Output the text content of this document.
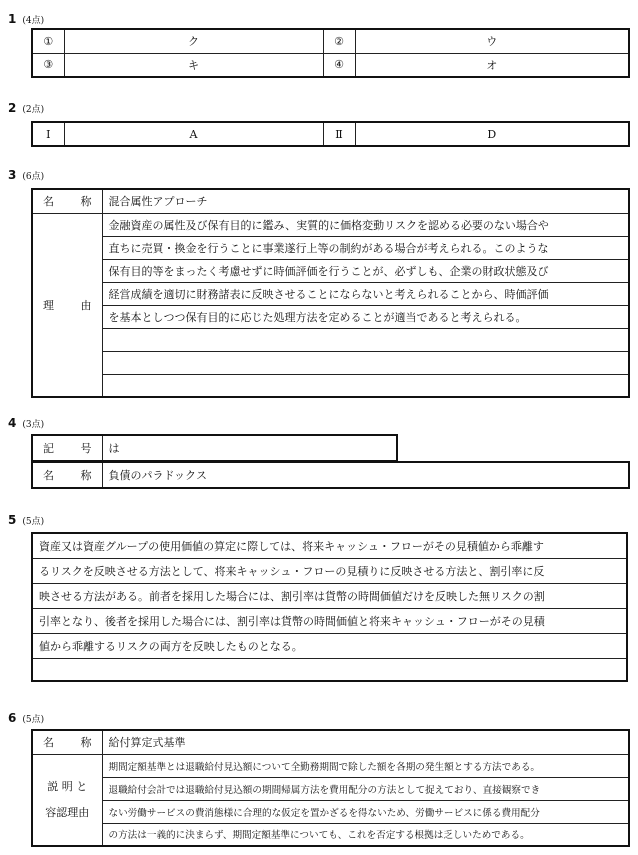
1 (4点)
①	ク	②	ウ
③	キ	④	オ
2 (2点)
Ⅰ	A	Ⅱ	D
3 (6点)
名　称	混合属性アプローチ
理　由	金融資産の属性及び保有目的に鑑み、実質的に価格変動リスクを認める必要のない場合や
	直ちに売買・換金を行うことに事業遂行上等の制約がある場合が考えられる。このような
	保有目的等をまったく考慮せずに時価評価を行うことが、必ずしも、企業の財政状態及び
	経営成績を適切に財務諸表に反映させることにならないと考えられることから、時価評価
	を基本としつつ保有目的に応じた処理方法を定めることが適当であると考えられる。

4 (3点)
記　号	は
名　称	負債のパラドックス
5 (5点)
資産又は資産グループの使用価値の算定に際しては、将来キャッシュ・フローがその見積値から乖離す
るリスクを反映させる方法として、将来キャッシュ・フローの見積りに反映させる方法と、割引率に反
映させる方法がある。前者を採用した場合には、割引率は貨幣の時間価値だけを反映した無リスクの割
引率となり、後者を採用した場合には、割引率は貨幣の時間価値と将来キャッシュ・フローがその見積
値から乖離するリスクの両方を反映したものとなる。
6 (5点)
名　称	給付算定式基準

説 明 と
容認理由	期間定額基準とは退職給付見込額について全勤務期間で除した額を各期の発生額とする方法である。
	退職給付会計では退職給付見込額の期間帰属方法を費用配分の方法として捉えており、直接観察でき
	ない労働サービスの費消態様に合理的な仮定を置かざるを得ないため、労働サービスに係る費用配分
	の方法は一義的に決まらず、期間定額基準についても、これを否定する根拠は乏しいためである。
